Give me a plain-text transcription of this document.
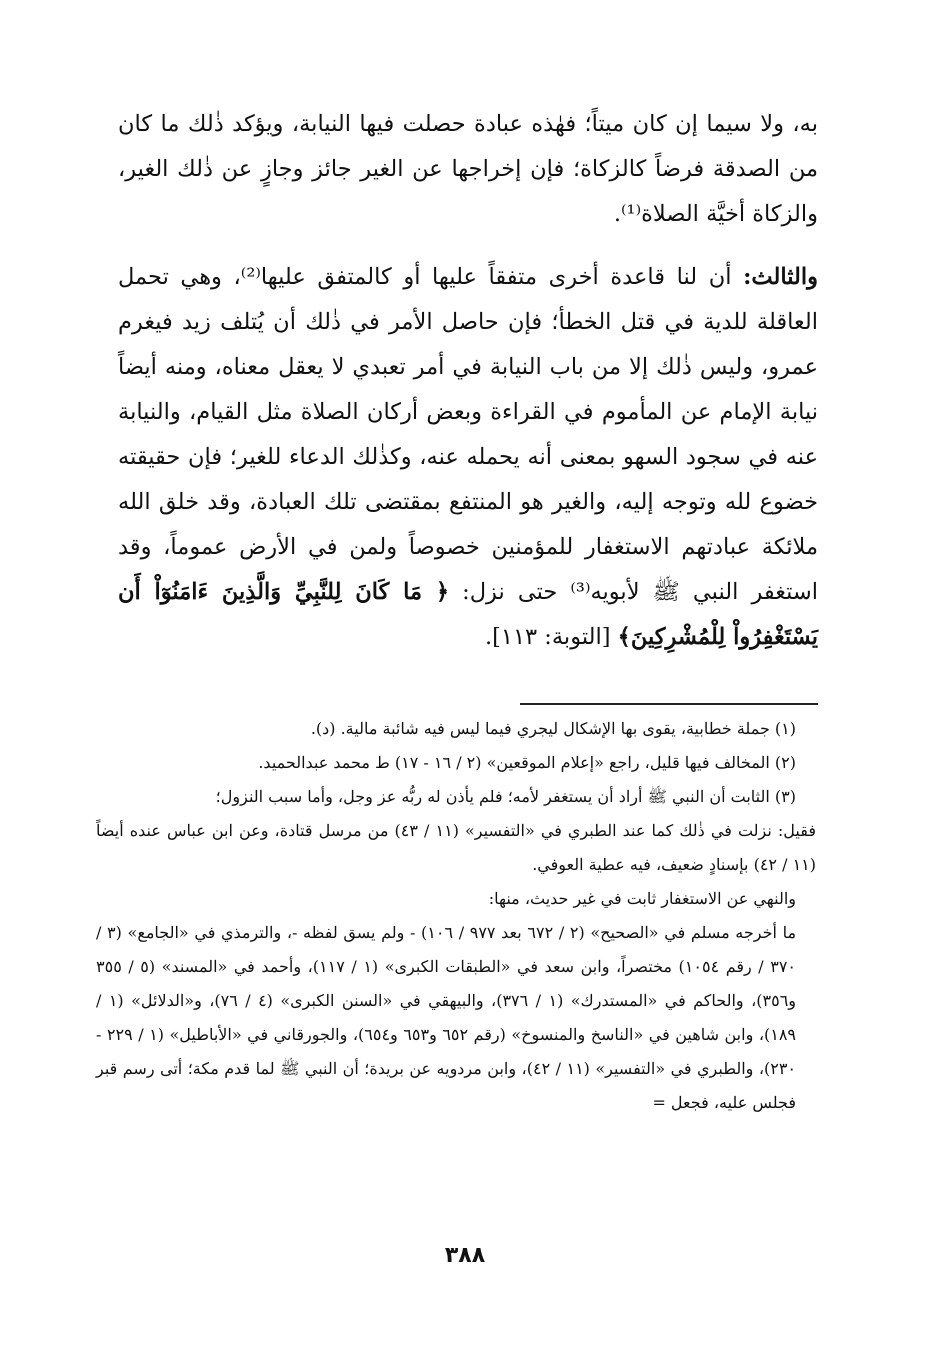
به، ولا سيما إن كان ميتاً؛ فهٰذه عبادة حصلت فيها النيابة، ويؤكد ذٰلك ما كان من الصدقة فرضاً كالزكاة؛ فإن إخراجها عن الغير جائز وجازٍ عن ذٰلك الغير، والزكاة أخيَّة الصلاة⁽¹⁾.

والثالث: أن لنا قاعدة أخرى متفقاً عليها أو كالمتفق عليها⁽²⁾، وهي تحمل العاقلة للدية في قتل الخطأ؛ فإن حاصل الأمر في ذٰلك أن يُتلف زيد فيغرم عمرو، وليس ذٰلك إلا من باب النيابة في أمر تعبدي لا يعقل معناه، ومنه أيضاً نيابة الإمام عن المأموم في القراءة وبعض أركان الصلاة مثل القيام، والنيابة عنه في سجود السهو بمعنى أنه يحمله عنه، وكذٰلك الدعاء للغير؛ فإن حقيقته خضوع لله وتوجه إليه، والغير هو المنتفع بمقتضى تلك العبادة، وقد خلق الله ملائكة عبادتهم الاستغفار للمؤمنين خصوصاً ولمن في الأرض عموماً، وقد استغفر النبي ﷺ لأبويه⁽³⁾ حتى نزل: ﴿ مَا كَانَ لِلنَّبِيِّ وَالَّذِينَ ءَامَنُوٓاْ أَن يَسْتَغْفِرُواْ لِلْمُشْرِكِينَ﴾ [التوبة: ١١٣].

(١) جملة خطابية، يقوى بها الإشكال ليجري فيما ليس فيه شائبة مالية. (د).

(٢) المخالف فيها قليل، راجع «إعلام الموقعين» (٢ / ١٦ - ١٧) ط محمد عبدالحميد.

(٣) الثابت أن النبي ﷺ أراد أن يستغفر لأمه؛ فلم يأذن له ربُّه عز وجل، وأما سبب النزول؛

فقيل: نزلت في ذٰلك كما عند الطبري في «التفسير» (١١ / ٤٣) من مرسل قتادة، وعن ابن عباس عنده أيضاً (١١ / ٤٢) بإسنادٍ ضعيف، فيه عطية العوفي.

والنهي عن الاستغفار ثابت في غير حديث، منها:

ما أخرجه مسلم في «الصحيح» (٢ / ٦٧٢ بعد ٩٧٧ / ١٠٦) - ولم يسق لفظه -، والترمذي في «الجامع» (٣ / ٣٧٠ / رقم ١٠٥٤) مختصراً، وابن سعد في «الطبقات الكبرى» (١ / ١١٧)، وأحمد في «المسند» (٥ / ٣٥٥ و٣٥٦)، والحاكم في «المستدرك» (١ / ٣٧٦)، والبيهقي في «السنن الكبرى» (٤ / ٧٦)، و«الدلائل» (١ / ١٨٩)، وابن شاهين في «الناسخ والمنسوخ» (رقم ٦٥٢ و٦٥٣ و٦٥٤)، والجورقاني في «الأباطيل» (١ / ٢٢٩ - ٢٣٠)، والطبري في «التفسير» (١١ / ٤٢)، وابن مردويه عن بريدة؛ أن النبي ﷺ لما قدم مكة؛ أتى رسم قبر فجلس عليه، فجعل =

٣٨٨
